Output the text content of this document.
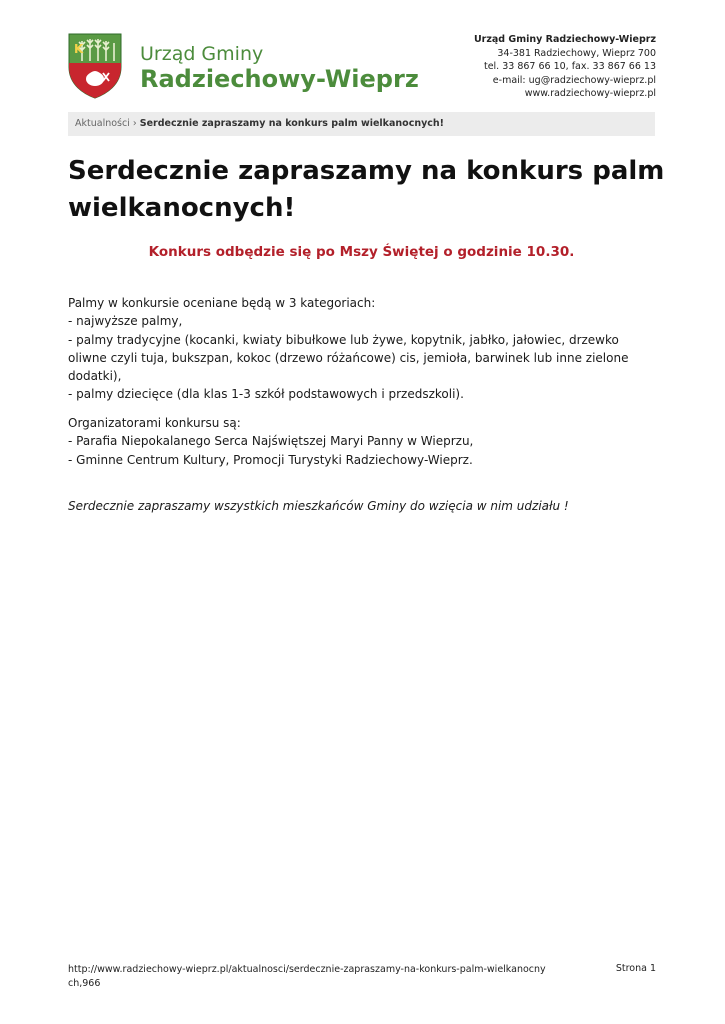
K	Urząd Gminy
Radziechowy-Wieprz
Urząd Gminy Radziechowy-Wieprz
34-381 Radziechowy, Wieprz 700
tel. 33 867 66 10, fax. 33 867 66 13
e-mail: ug@radziechowy-wieprz.pl
www.radziechowy-wieprz.pl
Aktualności › Serdecznie zapraszamy na konkurs palm wielkanocnych!
Serdecznie zapraszamy na konkurs palm wielkanocnych!
Konkurs odbędzie się po Mszy Świętej o godzinie 10.30.

Palmy w konkursie oceniane będą w 3 kategoriach:

- najwyższe palmy,

- palmy tradycyjne (kocanki, kwiaty bibułkowe lub żywe, kopytnik, jabłko, jałowiec, drzewko oliwne czyli tuja, bukszpan, kokoc (drzewo różańcowe) cis, jemioła, barwinek lub inne zielone dodatki),

- palmy dziecięce (dla klas 1-3 szkół podstawowych i przedszkoli).

Organizatorami konkursu są:

- Parafia Niepokalanego Serca Najświętszej Maryi Panny w Wieprzu,

- Gminne Centrum Kultury, Promocji Turystyki Radziechowy-Wieprz.

Serdecznie zapraszamy wszystkich mieszkańców Gminy do wzięcia w nim udziału !
http://www.radziechowy-wieprz.pl/aktualnosci/serdecznie-zapraszamy-na-konkurs-palm-wielkanocnych,966
Strona 1
